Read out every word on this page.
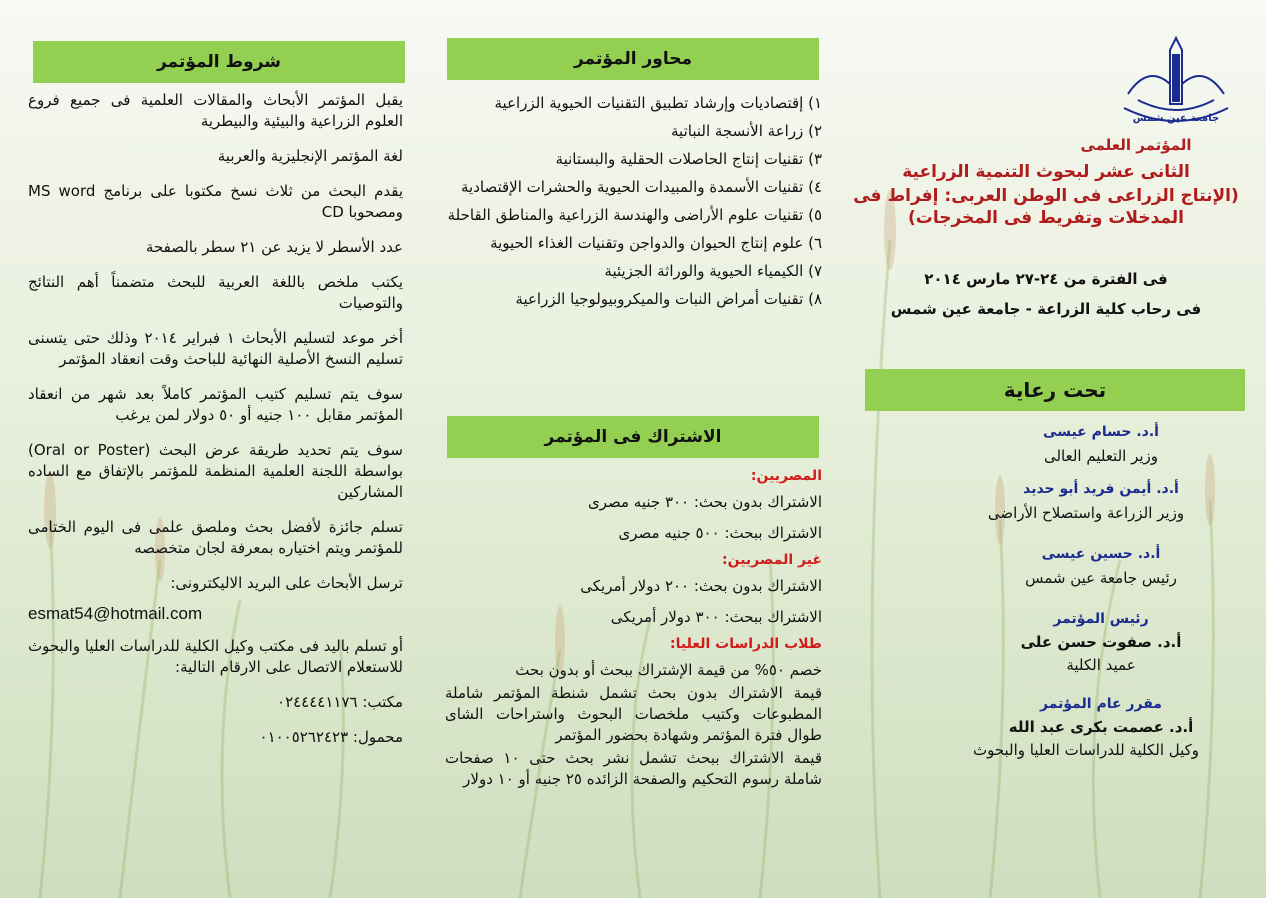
جامعة عين شمس
المؤتمر العلمى
الثانى عشر لبحوث التنمية الزراعية
(الإنتاج الزراعى فى الوطن العربى: إفراط فى
المدخلات وتفريط فى المخرجات)
فى الفترة من ٢٤-٢٧ مارس ٢٠١٤
فى رحاب كلية الزراعة - جامعة عين شمس
تحت رعاية
أ.د. حسام عيسى
وزير التعليم العالى
أ.د. أيمن فريد أبو حديد
وزير الزراعة واستصلاح الأراضى
أ.د. حسين عيسى
رئيس جامعة عين شمس
رئيس المؤتمر
أ.د. صفوت حسن على
عميد الكلية
مقرر عام المؤتمر
أ.د. عصمت بكرى عبد الله
وكيل الكلية للدراسات العليا والبحوث
محاور المؤتمر

١) إقتصاديات وإرشاد تطبيق التقنيات الحيوية الزراعية

٢) زراعة الأنسجة النباتية

٣) تقنيات إنتاج الحاصلات الحقلية والبستانية

٤) تقنيات الأسمدة والمبيدات الحيوية والحشرات الإقتصادية

٥) تقنيات علوم الأراضى والهندسة الزراعية والمناطق القاحلة

٦) علوم إنتاج الحيوان والدواجن وتقنيات الغذاء الحيوية

٧) الكيمياء الحيوية والوراثة الجزيئية

٨) تقنيات أمراض النبات والميكروبيولوجيا الزراعية

الاشتراك فى المؤتمر
المصريين:

الاشتراك بدون بحث: ٣٠٠ جنيه مصرى

الاشتراك ببحث: ٥٠٠ جنيه مصرى

غير المصريين:

الاشتراك بدون بحث: ٢٠٠ دولار أمريكى

الاشتراك ببحث: ٣٠٠ دولار أمريكى

طلاب الدراسات العليا:

خصم ٥٠% من قيمة الإشتراك ببحث أو بدون بحث

قيمة الاشتراك بدون بحث تشمل شنطة المؤتمر شاملة المطبوعات وكتيب ملخصات البحوث واستراحات الشاى طوال فترة المؤتمر وشهادة بحضور المؤتمر

قيمة الاشتراك ببحث تشمل نشر بحث حتى ١٠ صفحات شاملة رسوم التحكيم والصفحة الزائده ٢٥ جنيه أو ١٠ دولار

شروط المؤتمر

يقبل المؤتمر الأبحاث والمقالات العلمية فى جميع فروع العلوم الزراعية والبيئية والبيطرية

لغة المؤتمر الإنجليزية والعربية

يقدم البحث من ثلاث نسخ مكتوبا على برنامج MS word ومصحوبا CD

عدد الأسطر لا يزيد عن ٢١ سطر بالصفحة

يكتب ملخص باللغة العربية للبحث متضمناً أهم النتائج والتوصيات

أخر موعد لتسليم الأبحاث ١ فبراير ٢٠١٤ وذلك حتى يتسنى تسليم النسخ الأصلية النهائية للباحث وقت انعقاد المؤتمر

سوف يتم تسليم كتيب المؤتمر كاملاً بعد شهر من انعقاد المؤتمر مقابل ١٠٠ جنيه أو ٥٠ دولار لمن يرغب

سوف يتم تحديد طريقة عرض البحث (Oral or Poster) بواسطة اللجنة العلمية المنظمة للمؤتمر بالإتفاق مع الساده المشاركين

تسلم جائزة لأفضل بحث وملصق علمى فى اليوم الختامى للمؤتمر ويتم اختياره بمعرفة لجان متخصصه

ترسل الأبحاث على البريد الاليكترونى:

esmat54@hotmail.com

أو تسلم باليد فى مكتب وكيل الكلية للدراسات العليا والبحوث للاستعلام الاتصال على الارقام التالية:

مكتب: ٠٢٤٤٤٤١١٧٦

محمول: ٠١٠٠٥٢٦٢٤٢٣
